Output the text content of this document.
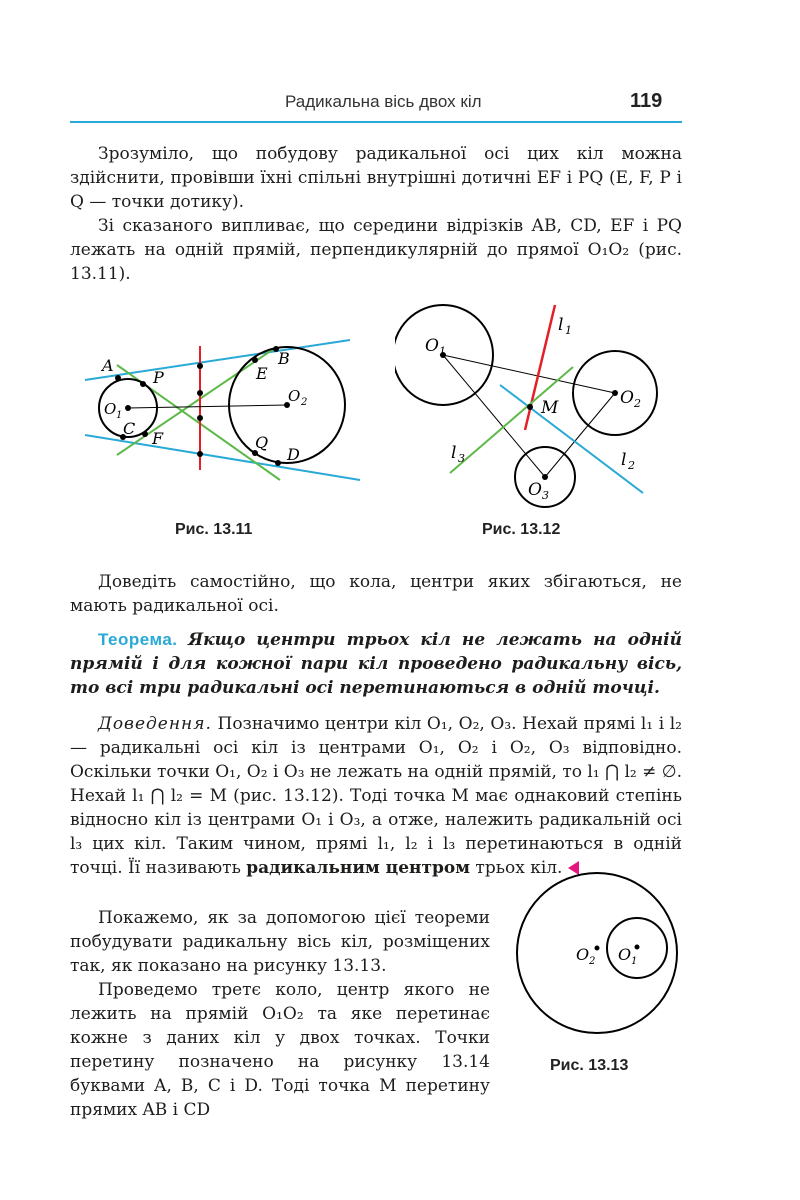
Радикальна вісь двох кіл	119

Зрозуміло, що побудову радикальної осі цих кіл можна здійснити, провівши їхні спільні внутрішні дотичні EF і PQ (E, F, P і Q — точки дотику).

Зі сказаного випливає, що середини відрізків AB, CD, EF і PQ лежать на одній прямій, перпендикулярній до прямої O₁O₂ (рис. 13.11).

A
P
O 1
C
F
B
E
O 2
Q
D
Рис. 13.11
O 1
l 1
O 2
M
l 3	l 2
O 3
Рис. 13.12

Доведіть самостійно, що кола, центри яких збігаються, не мають радикальної осі.

Теорема. Якщо центри трьох кіл не лежать на одній прямій і для кожної пари кіл проведено радикальну вісь, то всі три радикальні осі перетинаються в одній точці.

Доведення. Позначимо центри кіл O₁, O₂, O₃. Нехай прямі l₁ і l₂ — радикальні осі кіл із центрами O₁, O₂ і O₂, O₃ відповідно. Оскільки точки O₁, O₂ і O₃ не лежать на одній прямій, то l₁ ⋂ l₂ ≠ ∅. Нехай l₁ ⋂ l₂ = M (рис. 13.12). Тоді точка M має однаковий степінь відносно кіл із центрами O₁ і O₃, а отже, належить радикальній осі l₃ цих кіл. Таким чином, прямі l₁, l₂ і l₃ перетинаються в одній точці. Її називають радикальним центром трьох кіл.

Покажемо, як за допомогою цієї теореми побудувати радикальну вісь кіл, розміщених так, як показано на рисунку 13.13.

Проведемо третє коло, центр якого не лежить на прямій O₁O₂ та яке перетинає кожне з даних кіл у двох точках. Точки перетину позначено на рисунку 13.14 буквами A, B, C і D. Тоді точка M перетину прямих AB і CD

O 2 O 1
Рис. 13.13
